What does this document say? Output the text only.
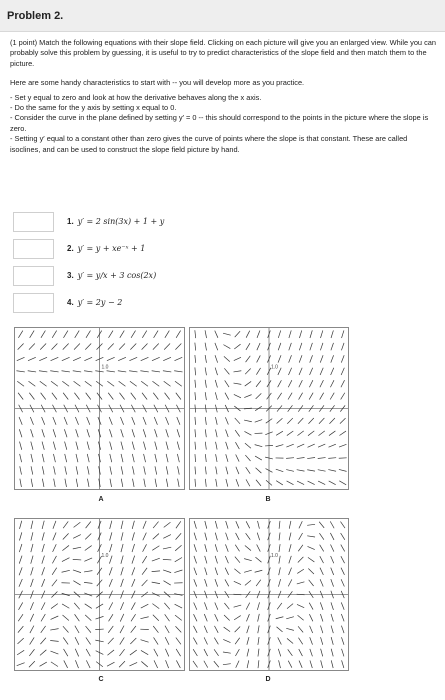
Problem 2.

(1 point) Match the following equations with their slope field. Clicking on each picture will give you an enlarged view. While you can probably solve this problem by guessing, it is useful to try to predict characteristics of the slope field and then match them to the picture.

Here are some handy characteristics to start with -- you will develop more as you practice.

- Set y equal to zero and look at how the derivative behaves along the x axis.

- Do the same for the y axis by setting x equal to 0.

- Consider the curve in the plane defined by setting y′ = 0 -- this should correspond to the points in the picture where the slope is zero.

- Setting y′ equal to a constant other than zero gives the curve of points where the slope is that constant. These are called isoclines, and can be used to construct the slope field picture by hand.

1. y′ = 2 sin(3x) + 1 + y
2. y′ = y + xe⁻ˣ + 1
3. y′ = y/x + 3 cos(2x)
4. y′ = 2y − 2
1.0
A
1.0
B
1.0
C
1.0
D
